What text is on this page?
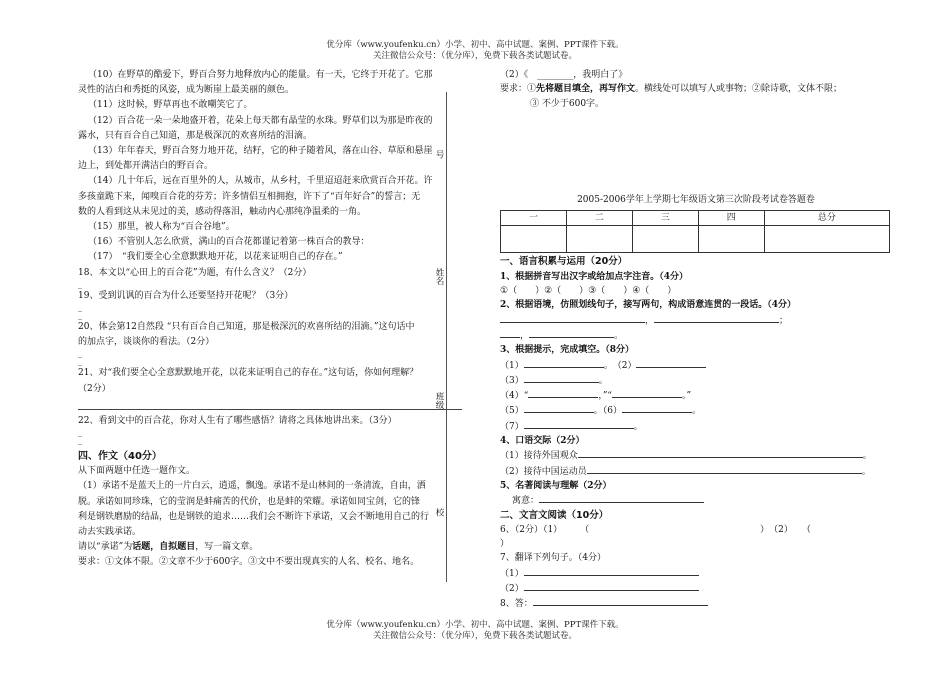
优分库（www.youfenku.cn）小学、初中、高中试题、案例、PPT课件下载。
关注微信公众号：（优分库），免费下载各类试题试卷。

（10）在野草的酷爱下，野百合努力地释放内心的能量。有一天，它终于开花了。它那

灵性的洁白和秀挺的风姿，成为断崖上最美丽的颜色。

（11）这时候，野草再也不敢嘲笑它了。

（12）百合花一朵一朵地盛开着，花朵上每天都有晶莹的水珠。野草们以为那是昨夜的

露水，只有百合自己知道，那是极深沉的欢喜所结的泪滴。

（13）年年春天，野百合努力地开花，结籽，它的种子随着风，落在山谷、草原和悬崖

边上，到处都开满洁白的野百合。

（14）几十年后，远在百里外的人，从城市，从乡村，千里迢迢赶来欣赏百合开花。许

多孩童跪下来，闻嗅百合花的芬芳；许多情侣互相拥抱，许下了“百年好合”的誓言；无

数的人看到这从未见过的美，感动得落泪，触动内心那纯净温柔的一角。

（15）那里，被人称为“百合谷地”。

（16）不管别人怎么欣赏，满山的百合花都谨记着第一株百合的教导：

（17）　“我们要全心全意默默地开花，以花来证明自己的存在。”

18、本文以“心田上的百合花”为题，有什么含义？（2分）

_

19、受到讥讽的百合为什么还要坚持开花呢？（3分）

_

_

20、体会第12自然段 “只有百合自己知道，那是极深沉的欢喜所结的泪滴。”这句话中

的加点字，谈谈你的看法。（2分）

_

_

21、对“我们要全心全意默默地开花，以花来证明自己的存在。”这句话，你如何理解？

（2分）

22、看到文中的百合花，你对人生有了哪些感悟？请将之具体地讲出来。（3分）

_

_

四、作文（40分）

从下面两题中任选一题作文。

（1）承诺不是蓝天上的一片白云，逍遥，飘逸。承诺不是山林间的一条清流，自由，洒

脱。承诺如同珍珠，它的莹润是蚌痛苦的代价，也是蚌的荣耀。承诺如同宝剑，它的锋

利是钢铁磨励的结晶，也是钢铁的追求……我们会不断许下承诺，又会不断地用自己的行

动去实践承诺。

请以“承诺”为话题，自拟题目，写一篇文章。

要求：①文体不限。②文章不少于600字。③文中不要出现真实的人名、校名、地名。

号
姓名
班级
校

（2）《　________，我明白了》

要求：①先将题目填全，再写作文。横线处可以填写人或事物；②除诗歌，文体不限；

③ 不少于600字。

2005-2006学年上学期七年级语文第三次阶段考试卷答题卷
一	二	三	四	总分

一、语言积累与运用（20分）

1、根据拼音写出汉字或给加点字注音。（4分）

①（　　）②（　　）③（　　）④（　　）

2、根据语境，仿照划线句子，接写两句，构成语意连贯的一段话。（4分）

，	；

，	。

3、根据提示，完成填空。（8分）

（1）	。　（2）

（3）	。

（4）“	，”“	。”

（5）	。（6）	。

（7）	。

4、口语交际（2分）

（1）接待外国观众	。

（2）接待中国运动员	。

5、名著阅读与理解（2分）

寓意：

二、文言文阅读（10分）

6、（2分）（1）　　　（　　　　　　　　　　　　　　　　　　　）　（2）　　（

）

7、翻译下列句子。（4分）

（1）

（2）

8、答：

优分库（www.youfenku.cn）小学、初中、高中试题、案例、PPT课件下载。
关注微信公众号：（优分库），免费下载各类试题试卷。
